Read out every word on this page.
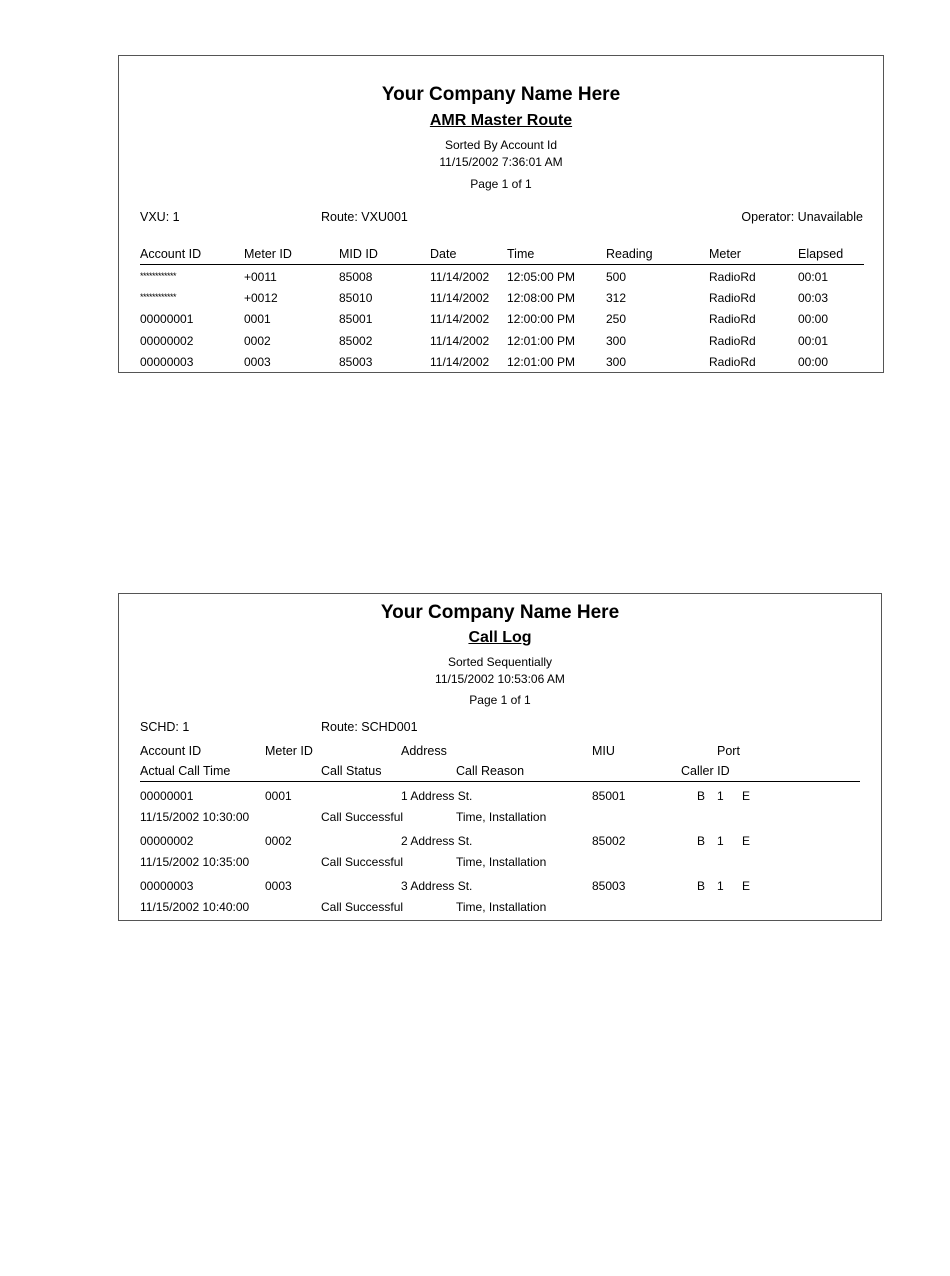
Your Company Name Here
AMR Master Route
Sorted By Account Id
11/15/2002 7:36:01 AM
Page 1 of 1
VXU: 1	Route: VXU001	Operator: Unavailable
Account ID	Meter ID	MID ID	Date	Time	Reading	Meter	Elapsed
************	+0011	85008	11/14/2002 12:05:00 PM	500	RadioRd	00:01
************	+0012	85010	11/14/2002 12:08:00 PM	312	RadioRd	00:03
00000001	0001	85001	11/14/2002 12:00:00 PM	250	RadioRd	00:00
00000002	0002	85002	11/14/2002 12:01:00 PM	300	RadioRd	00:01
00000003	0003	85003	11/14/2002 12:01:00 PM	300	RadioRd	00:00
Your Company Name Here
Call Log
Sorted Sequentially
11/15/2002 10:53:06 AM
Page 1 of 1
SCHD: 1	Route: SCHD001
Account ID	Meter ID	Address	MIU	Port
Actual Call Time	Call Status	Call Reason	Caller ID
00000001	0001	1 Address St.	85001	B 1 E
11/15/2002 10:30:00	Call Successful	Time, Installation
00000002	0002	2 Address St.	85002	B 1 E
11/15/2002 10:35:00	Call Successful	Time, Installation
00000003	0003	3 Address St.	85003	B 1 E
11/15/2002 10:40:00	Call Successful	Time, Installation
